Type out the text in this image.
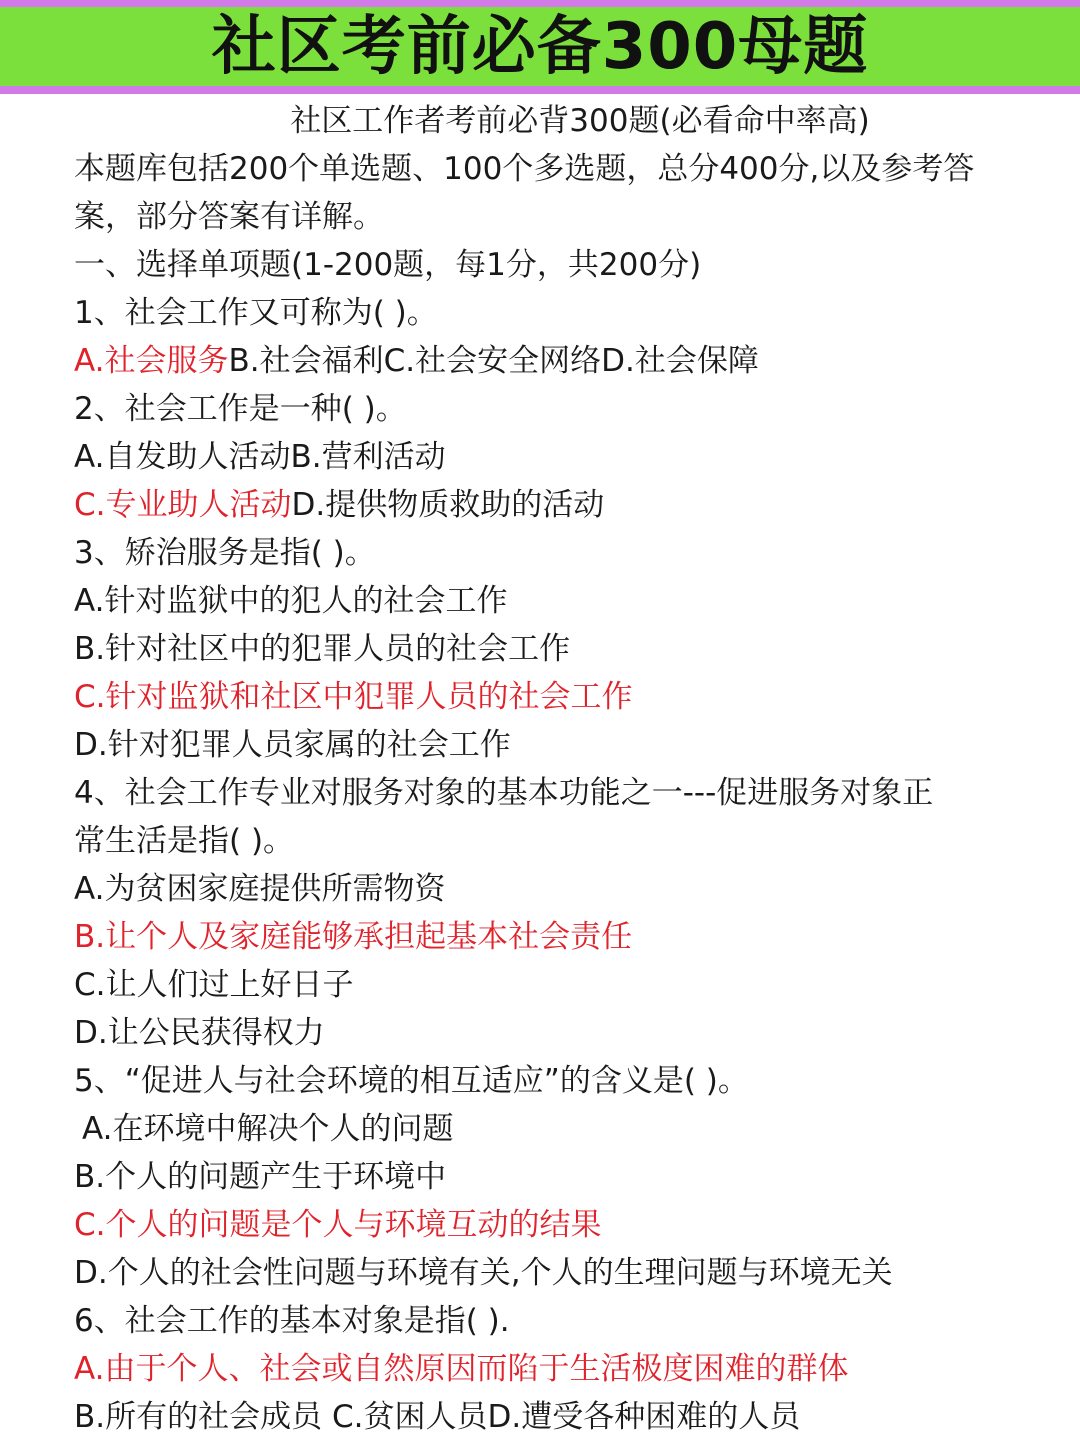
社区考前必备300母题
社区工作者考前必背300题(必看命中率高)
本题库包括200个单选题、100个多选题，总分400分,以及参考答
案，部分答案有详解。
一、选择单项题(1-200题，每1分，共200分)
1、社会工作又可称为( )。
A.社会服务B.社会福利C.社会安全网络D.社会保障
2、社会工作是一种( )。
A.自发助人活动B.营利活动
C.专业助人活动D.提供物质救助的活动
3、矫治服务是指( )。
A.针对监狱中的犯人的社会工作
B.针对社区中的犯罪人员的社会工作
C.针对监狱和社区中犯罪人员的社会工作
D.针对犯罪人员家属的社会工作
4、社会工作专业对服务对象的基本功能之一---促进服务对象正
常生活是指( )。
A.为贫困家庭提供所需物资
B.让个人及家庭能够承担起基本社会责任
C.让人们过上好日子
D.让公民获得权力
5、“促进人与社会环境的相互适应”的含义是( )。
A.在环境中解决个人的问题
B.个人的问题产生于环境中
C.个人的问题是个人与环境互动的结果
D.个人的社会性问题与环境有关,个人的生理问题与环境无关
6、社会工作的基本对象是指( ).
A.由于个人、社会或自然原因而陷于生活极度困难的群体
B.所有的社会成员 C.贫困人员D.遭受各种困难的人员
